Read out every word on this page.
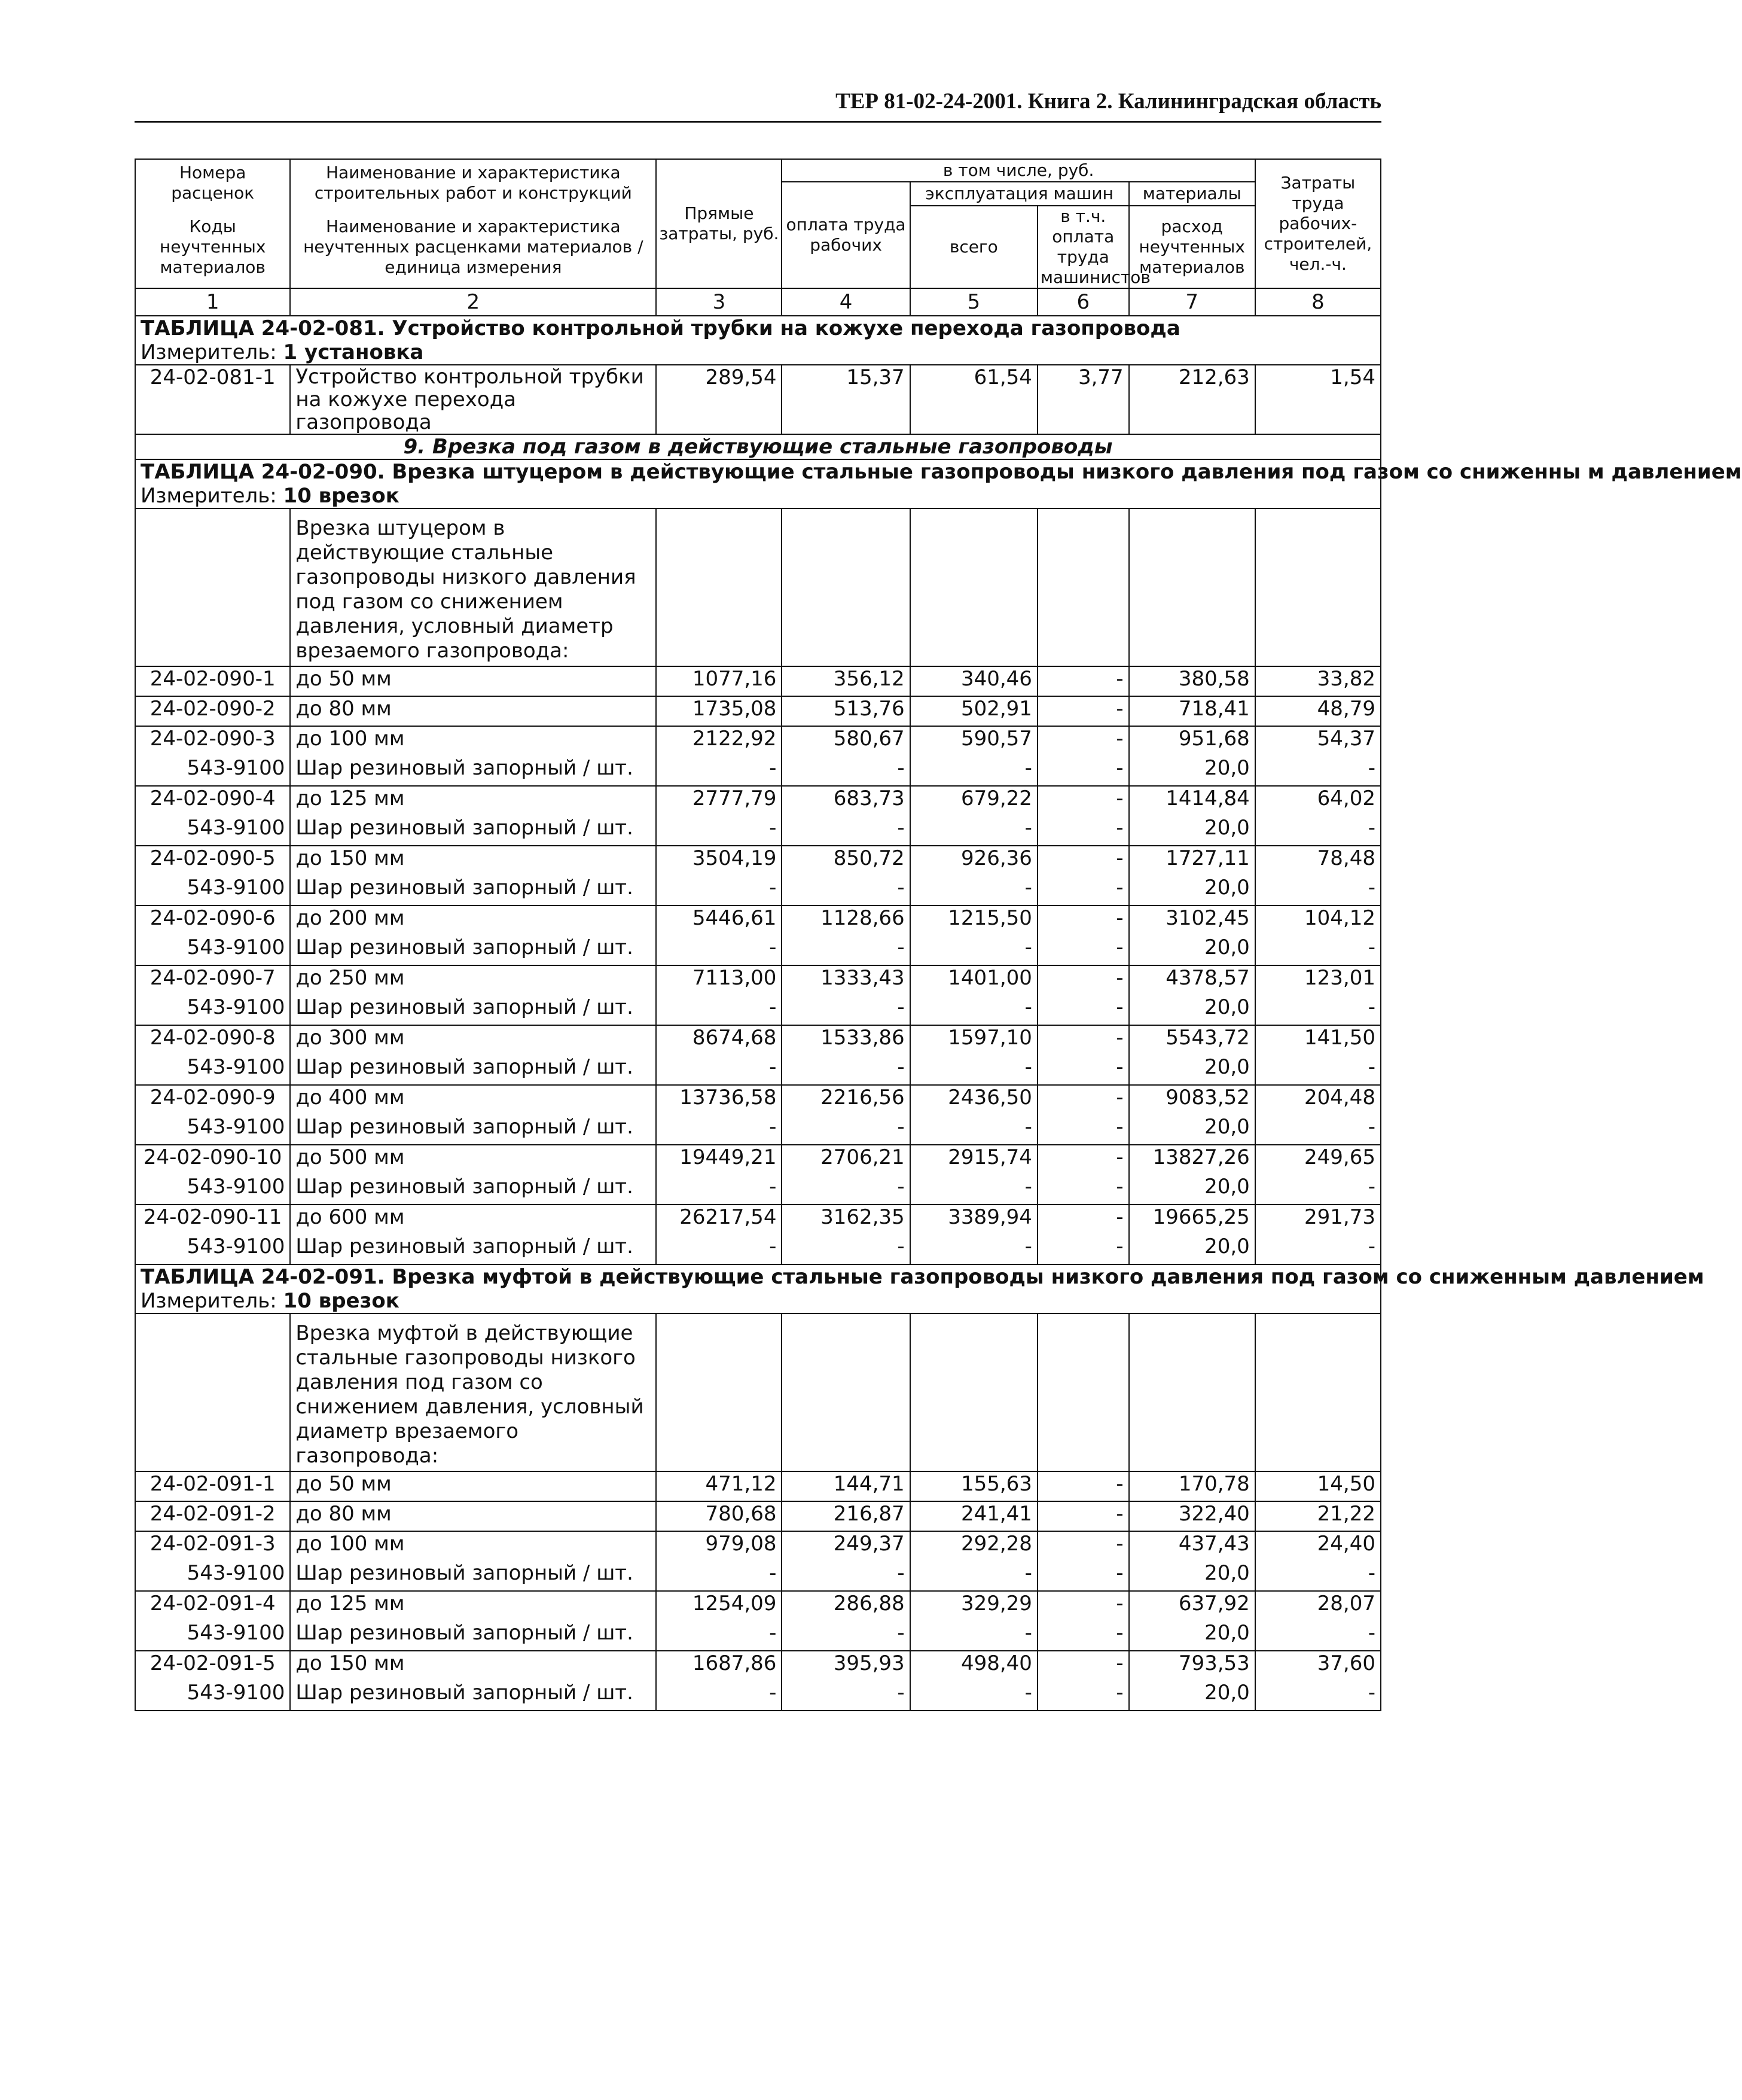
ТЕР 81-02-24-2001. Книга 2. Калининградская область
Номера расценок	Наименование и характеристика строительных работ и конструкций	Прямые затраты, руб.	в том числе, руб.				Затраты труда рабочих-строителей, чел.-ч.
			оплата труда рабочих	эксплуатация машин		материалы	
Коды неучтенных материалов	Наименование и характеристика неучтенных расценками материалов / единица измерения			всего	в т.ч. оплата труда машинистов	расход неучтенных материалов	

1	2	3	4	5	6	7	8
ТАБЛИЦА 24-02-081. Устройство контрольной трубки на кожухе перехода газопровода							
Измеритель: 1 установка							
24-02-081-1	Устройство контрольной трубки на кожухе перехода газопровода	289,54	15,37	61,54	3,77	212,63	1,54
9. Врезка под газом в действующие стальные газопроводы							
ТАБЛИЦА 24-02-090. Врезка штуцером в действующие стальные газопроводы низкого давления под газом со сниженны м давлением							
Измеритель: 10 врезок							
	Врезка штуцером в действующие стальные газопроводы низкого давления под газом со снижением давления, условный диаметр врезаемого газопровода:						
24-02-090-1	до 50 мм	1077,16	356,12	340,46	-	380,58	33,82
24-02-090-2	до 80 мм	1735,08	513,76	502,91	-	718,41	48,79
24-02-090-3	до 100 мм	2122,92	580,67	590,57	-	951,68	54,37
543-9100	Шар резиновый запорный / шт.	-	-	-	-	20,0	-
24-02-090-4	до 125 мм	2777,79	683,73	679,22	-	1414,84	64,02
543-9100	Шар резиновый запорный / шт.	-	-	-	-	20,0	-
24-02-090-5	до 150 мм	3504,19	850,72	926,36	-	1727,11	78,48
543-9100	Шар резиновый запорный / шт.	-	-	-	-	20,0	-
24-02-090-6	до 200 мм	5446,61	1128,66	1215,50	-	3102,45	104,12
543-9100	Шар резиновый запорный / шт.	-	-	-	-	20,0	-
24-02-090-7	до 250 мм	7113,00	1333,43	1401,00	-	4378,57	123,01
543-9100	Шар резиновый запорный / шт.	-	-	-	-	20,0	-
24-02-090-8	до 300 мм	8674,68	1533,86	1597,10	-	5543,72	141,50
543-9100	Шар резиновый запорный / шт.	-	-	-	-	20,0	-
24-02-090-9	до 400 мм	13736,58	2216,56	2436,50	-	9083,52	204,48
543-9100	Шар резиновый запорный / шт.	-	-	-	-	20,0	-
24-02-090-10	до 500 мм	19449,21	2706,21	2915,74	-	13827,26	249,65
543-9100	Шар резиновый запорный / шт.	-	-	-	-	20,0	-
24-02-090-11	до 600 мм	26217,54	3162,35	3389,94	-	19665,25	291,73
543-9100	Шар резиновый запорный / шт.	-	-	-	-	20,0	-
ТАБЛИЦА 24-02-091. Врезка муфтой в действующие стальные газопроводы низкого давления под газом со сниженным давлением							
Измеритель: 10 врезок							
	Врезка муфтой в действующие стальные газопроводы низкого давления под газом со снижением давления, условный диаметр врезаемого газопровода:						
24-02-091-1	до 50 мм	471,12	144,71	155,63	-	170,78	14,50
24-02-091-2	до 80 мм	780,68	216,87	241,41	-	322,40	21,22
24-02-091-3	до 100 мм	979,08	249,37	292,28	-	437,43	24,40
543-9100	Шар резиновый запорный / шт.	-	-	-	-	20,0	-
24-02-091-4	до 125 мм	1254,09	286,88	329,29	-	637,92	28,07
543-9100	Шар резиновый запорный / шт.	-	-	-	-	20,0	-
24-02-091-5	до 150 мм	1687,86	395,93	498,40	-	793,53	37,60
543-9100	Шар резиновый запорный / шт.	-	-	-	-	20,0	-
